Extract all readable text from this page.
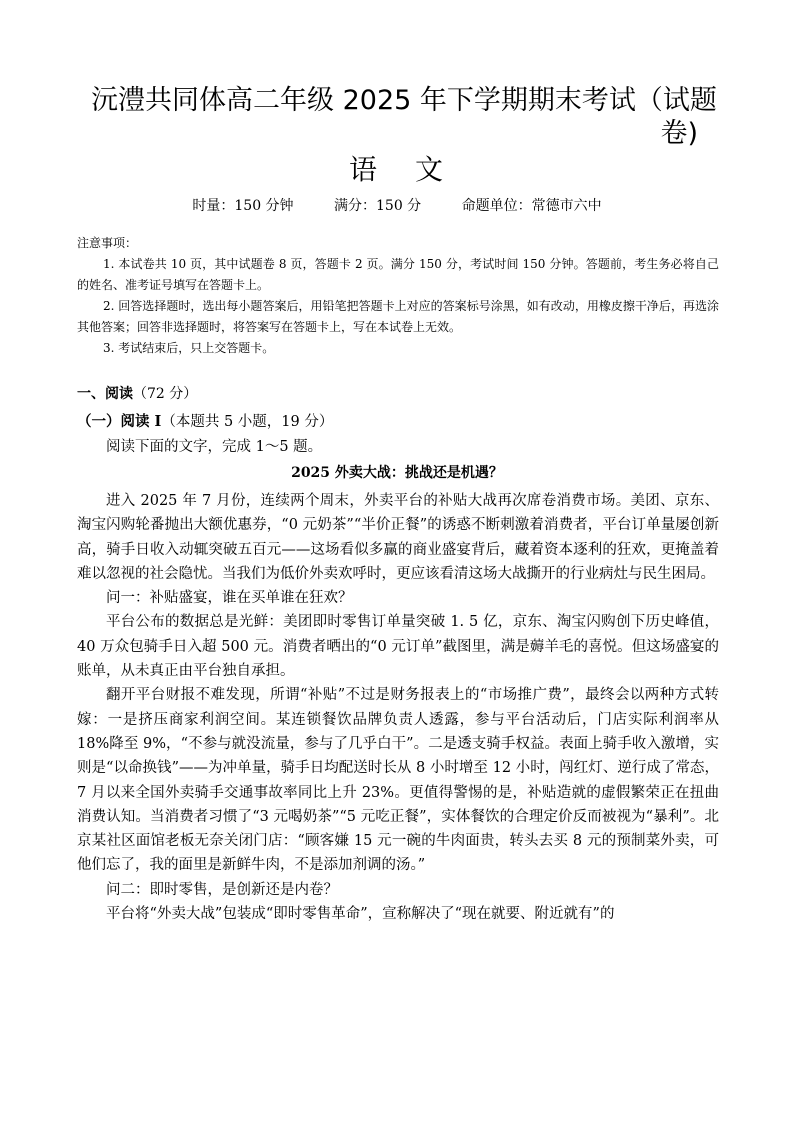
沅澧共同体高二年级 2025 年下学期期末考试（试题
卷)
语 文
时量：150 分钟	满分：150 分	命题单位：常德市六中
注意事项：

1. 本试卷共 10 页，其中试题卷 8 页，答题卡 2 页。满分 150 分，考试时间 150 分钟。答题前，考生务必将自己的姓名、准考证号填写在答题卡上。

2. 回答选择题时，选出每小题答案后，用铅笔把答题卡上对应的答案标号涂黑，如有改动，用橡皮擦干净后，再选涂其他答案；回答非选择题时，将答案写在答题卡上，写在本试卷上无效。

3. 考试结束后，只上交答题卡。

一、阅读（72 分）
（一）阅读 I（本题共 5 小题，19 分）
阅读下面的文字，完成 1～5 题。
2025 外卖大战：挑战还是机遇？

进入 2025 年 7 月份，连续两个周末，外卖平台的补贴大战再次席卷消费市场。美团、京东、淘宝闪购轮番抛出大额优惠券，“0 元奶茶”“半价正餐”的诱惑不断刺激着消费者，平台订单量屡创新高，骑手日收入动辄突破五百元——这场看似多赢的商业盛宴背后，藏着资本逐利的狂欢，更掩盖着难以忽视的社会隐忧。当我们为低价外卖欢呼时，更应该看清这场大战撕开的行业病灶与民生困局。

问一：补贴盛宴，谁在买单谁在狂欢？

平台公布的数据总是光鲜：美团即时零售订单量突破 1. 5 亿，京东、淘宝闪购创下历史峰值，40 万众包骑手日入超 500 元。消费者晒出的“0 元订单”截图里，满是薅羊毛的喜悦。但这场盛宴的账单，从未真正由平台独自承担。

翻开平台财报不难发现，所谓“补贴”不过是财务报表上的“市场推广费”，最终会以两种方式转嫁：一是挤压商家利润空间。某连锁餐饮品牌负责人透露，参与平台活动后，门店实际利润率从 18%降至 9%，“不参与就没流量，参与了几乎白干”。二是透支骑手权益。表面上骑手收入激增，实则是“以命换钱”——为冲单量，骑手日均配送时长从 8 小时增至 12 小时，闯红灯、逆行成了常态，7 月以来全国外卖骑手交通事故率同比上升 23%。更值得警惕的是，补贴造就的虚假繁荣正在扭曲消费认知。当消费者习惯了“3 元喝奶茶”“5 元吃正餐”，实体餐饮的合理定价反而被视为“暴利”。北京某社区面馆老板无奈关闭门店：“顾客嫌 15 元一碗的牛肉面贵，转头去买 8 元的预制菜外卖，可他们忘了，我的面里是新鲜牛肉，不是添加剂调的汤。”

问二：即时零售，是创新还是内卷？

平台将“外卖大战”包装成“即时零售革命”，宣称解决了“现在就要、附近就有”的
